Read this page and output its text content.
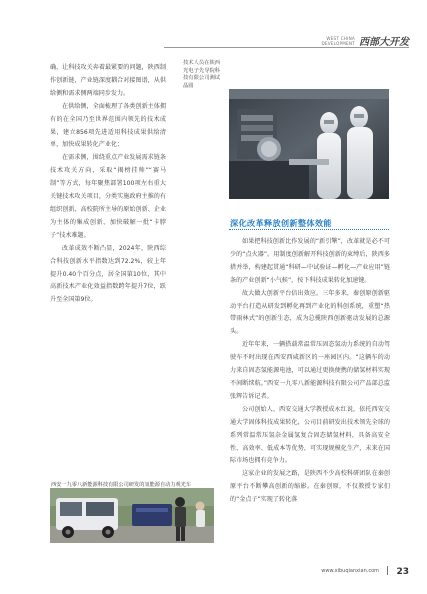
WEST CHINA
DEVELOPMENT 西部大开发

确，让科技攻关奔着最紧要的问题，陕西制作创新链，产业链深度耦合对接图谱，从供给侧和需求侧两端同步发力。

在供给侧，全面梳理了各类创新主体拥有的在全国乃至世界范围内领先的技术成果，建立856项先进适用科技成果供给清单，加快成果转化产业化；

在需求侧，围绕重点产业发展需求链条技术攻关方向，采取“揭榜挂帅”“赛马制”等方式，每年聚焦部署100项左右重大关键技术攻关项目，分类实施政府主推的有组织创新、高校院所主导的原始创新、企业为主体的集成创新，加快破解一批“卡脖子”技术难题。

改革成效不断凸显，2024年，陕西综合科技创新水平指数达到72.2%，较上年提升0.40个百分点，居全国第10位，其中高新技术产业化效益指数跨年提升7位，跃升至全国第9位。

技术人员在陕西光电子先导院科技有限公司测试晶圆
深化改革释放创新整体效能

如果把科技创新比作发展的“新引擎”，改革就是必不可少的“点火器”。用制度创新解开科技创新的束缚后，陕西多措并举，构建起贯通“科研—中试验证—孵化—产业应用”链条的产业创新“小气候”，按下科技成果转化加速键。

故大做大创新平台倍出效应。三年多来，秦创原创新驱动平台打造从研发到孵化再到产业化的科创系统，重塑“热带雨林式”的创新生态，成为总揽陕西创新驱动发展的总源头。

近年年来，一辆搭载常温常压固态氢动力系统的自动驾驶车不时出现在西安西咸新区的一座园区内。“这辆车的动力来自固态氢能源电池，可以通过更换便携的储氢材料实现不间断续航。”西安一九零八新能源科技有限公司产品部总监张辉告诉记者。

公司创始人、西安交通大学教授成永红说，依托西安交通大学固体科技成果转化，公司目前研发出技术领先全球的系列常温常压氢杂金属氢复合固态储氢材料，具备高安全性、高效率、低成本等优势，可实现规模化生产，未来在国际市场也拥有竞争力。

这家企业的发展之路，是陕西不少高校科研团队在秦创原平台不断攀高创新的缩影。在秦创原，不仅教授专家们的“金点子”实现了转化落

西安一九零八新能源科技有限公司研发的氢能源自动力观光车
www.xibuqianxian.com 23
